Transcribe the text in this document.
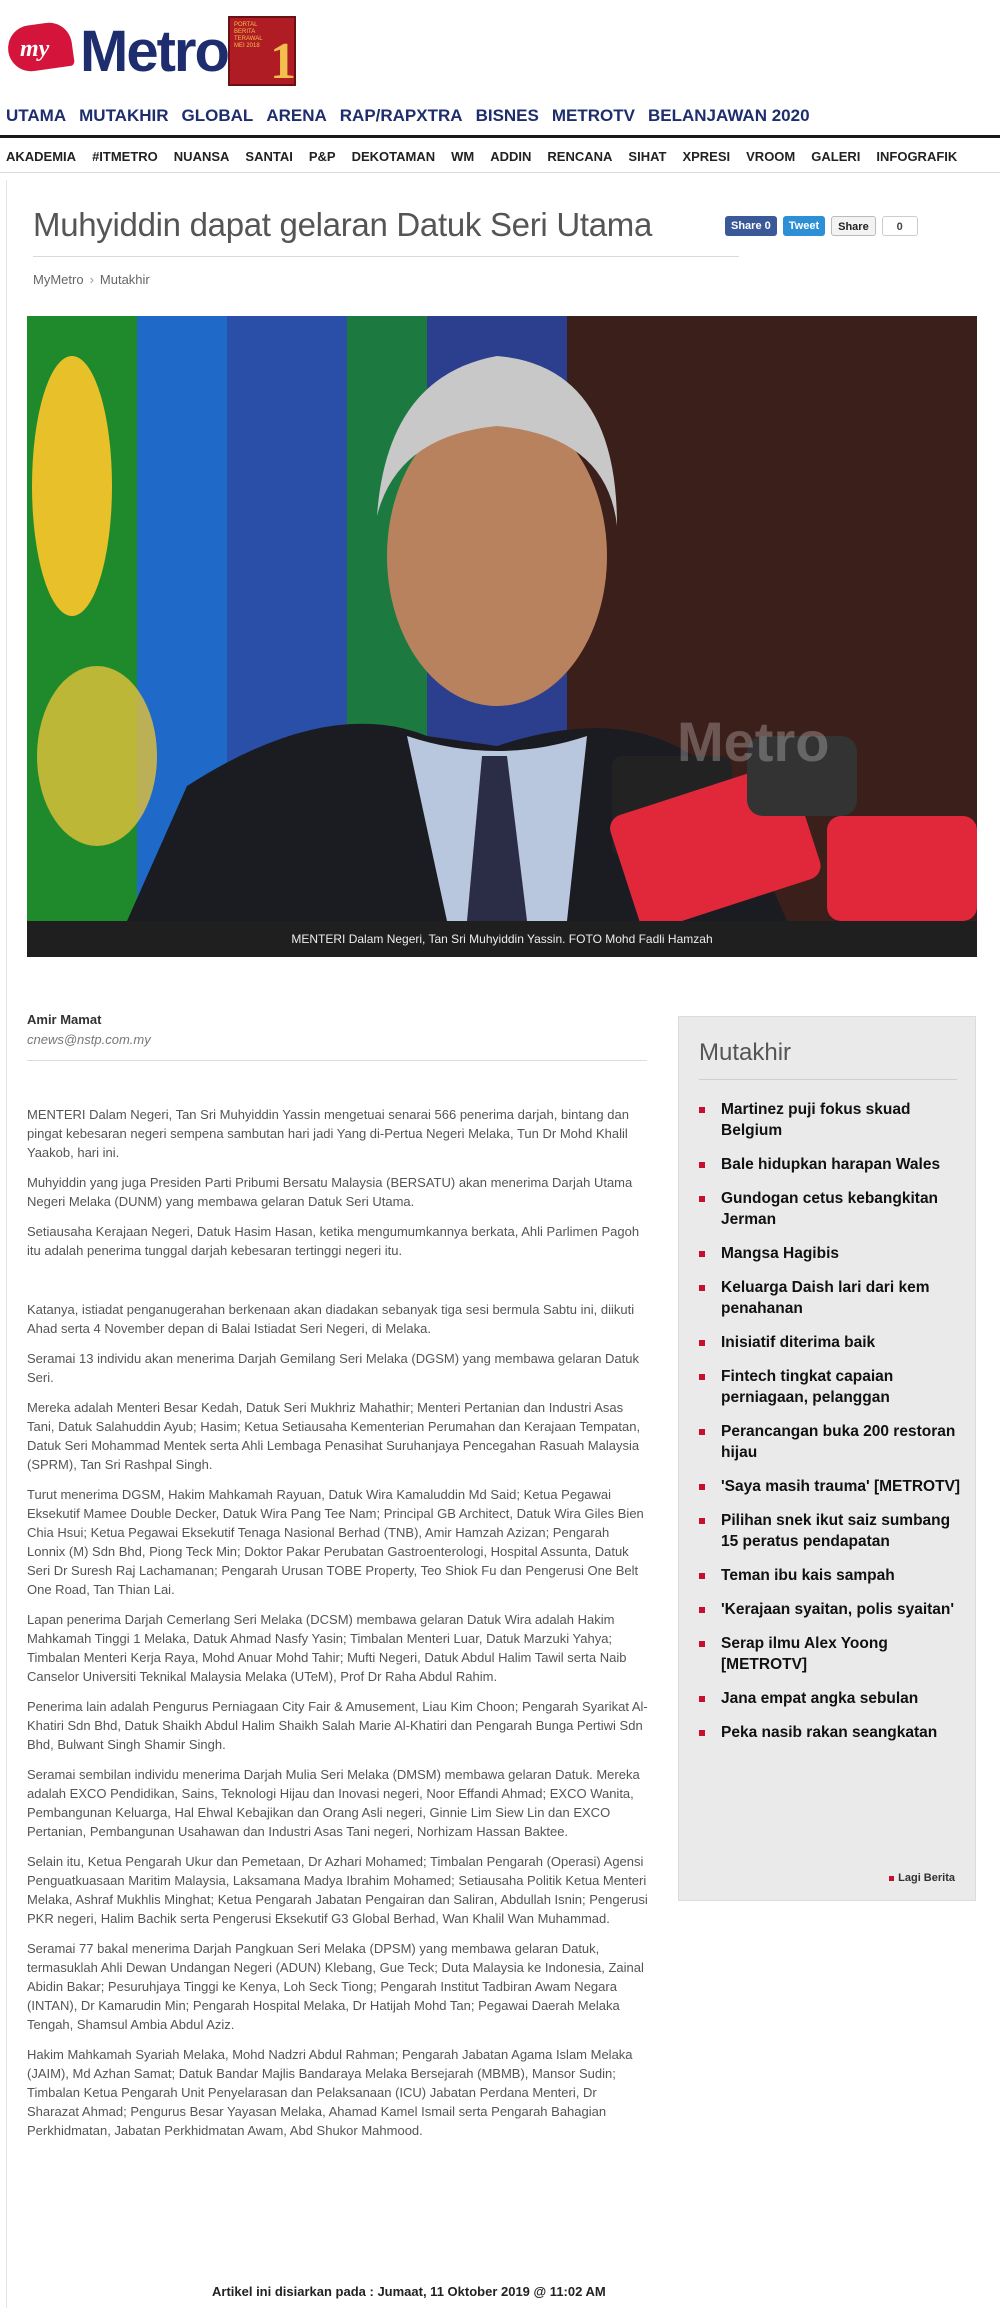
my Metro PORTAL BERITA TERAWAL MEI 2018 1
UTAMA MUTAKHIR GLOBAL ARENA RAP/RAPXTRA BISNES METROTV BELANJAWAN 2020
AKADEMIA #ITMETRO NUANSA SANTAI P&P DEKOTAMAN WM ADDIN RENCANA SIHAT XPRESI VROOM GALERI INFOGRAFIK
Muhyiddin dapat gelaran Datuk Seri Utama	Share 0	Tweet	Share	0
MyMetro › Mutakhir
Metro
MENTERI Dalam Negeri, Tan Sri Muhyiddin Yassin. FOTO Mohd Fadli Hamzah
Amir Mamat
cnews@nstp.com.my

MENTERI Dalam Negeri, Tan Sri Muhyiddin Yassin mengetuai senarai 566 penerima darjah, bintang dan pingat kebesaran negeri sempena sambutan hari jadi Yang di-Pertua Negeri Melaka, Tun Dr Mohd Khalil Yaakob, hari ini.

Muhyiddin yang juga Presiden Parti Pribumi Bersatu Malaysia (BERSATU) akan menerima Darjah Utama Negeri Melaka (DUNM) yang membawa gelaran Datuk Seri Utama.

Setiausaha Kerajaan Negeri, Datuk Hasim Hasan, ketika mengumumkannya berkata, Ahli Parlimen Pagoh itu adalah penerima tunggal darjah kebesaran tertinggi negeri itu.

Katanya, istiadat penganugerahan berkenaan akan diadakan sebanyak tiga sesi bermula Sabtu ini, diikuti Ahad serta 4 November depan di Balai Istiadat Seri Negeri, di Melaka.

Seramai 13 individu akan menerima Darjah Gemilang Seri Melaka (DGSM) yang membawa gelaran Datuk Seri.

Mereka adalah Menteri Besar Kedah, Datuk Seri Mukhriz Mahathir; Menteri Pertanian dan Industri Asas Tani, Datuk Salahuddin Ayub; Hasim; Ketua Setiausaha Kementerian Perumahan dan Kerajaan Tempatan, Datuk Seri Mohammad Mentek serta Ahli Lembaga Penasihat Suruhanjaya Pencegahan Rasuah Malaysia (SPRM), Tan Sri Rashpal Singh.

Turut menerima DGSM, Hakim Mahkamah Rayuan, Datuk Wira Kamaluddin Md Said; Ketua Pegawai Eksekutif Mamee Double Decker, Datuk Wira Pang Tee Nam; Principal GB Architect, Datuk Wira Giles Bien Chia Hsui; Ketua Pegawai Eksekutif Tenaga Nasional Berhad (TNB), Amir Hamzah Azizan; Pengarah Lonnix (M) Sdn Bhd, Piong Teck Min; Doktor Pakar Perubatan Gastroenterologi, Hospital Assunta, Datuk Seri Dr Suresh Raj Lachamanan; Pengarah Urusan TOBE Property, Teo Shiok Fu dan Pengerusi One Belt One Road, Tan Thian Lai.

Lapan penerima Darjah Cemerlang Seri Melaka (DCSM) membawa gelaran Datuk Wira adalah Hakim Mahkamah Tinggi 1 Melaka, Datuk Ahmad Nasfy Yasin; Timbalan Menteri Luar, Datuk Marzuki Yahya; Timbalan Menteri Kerja Raya, Mohd Anuar Mohd Tahir; Mufti Negeri, Datuk Abdul Halim Tawil serta Naib Canselor Universiti Teknikal Malaysia Melaka (UTeM), Prof Dr Raha Abdul Rahim.

Penerima lain adalah Pengurus Perniagaan City Fair & Amusement, Liau Kim Choon; Pengarah Syarikat Al-Khatiri Sdn Bhd, Datuk Shaikh Abdul Halim Shaikh Salah Marie Al-Khatiri dan Pengarah Bunga Pertiwi Sdn Bhd, Bulwant Singh Shamir Singh.

Seramai sembilan individu menerima Darjah Mulia Seri Melaka (DMSM) membawa gelaran Datuk. Mereka adalah EXCO Pendidikan, Sains, Teknologi Hijau dan Inovasi negeri, Noor Effandi Ahmad; EXCO Wanita, Pembangunan Keluarga, Hal Ehwal Kebajikan dan Orang Asli negeri, Ginnie Lim Siew Lin dan EXCO Pertanian, Pembangunan Usahawan dan Industri Asas Tani negeri, Norhizam Hassan Baktee.

Selain itu, Ketua Pengarah Ukur dan Pemetaan, Dr Azhari Mohamed; Timbalan Pengarah (Operasi) Agensi Penguatkuasaan Maritim Malaysia, Laksamana Madya Ibrahim Mohamed; Setiausaha Politik Ketua Menteri Melaka, Ashraf Mukhlis Minghat; Ketua Pengarah Jabatan Pengairan dan Saliran, Abdullah Isnin; Pengerusi PKR negeri, Halim Bachik serta Pengerusi Eksekutif G3 Global Berhad, Wan Khalil Wan Muhammad.

Seramai 77 bakal menerima Darjah Pangkuan Seri Melaka (DPSM) yang membawa gelaran Datuk, termasuklah Ahli Dewan Undangan Negeri (ADUN) Klebang, Gue Teck; Duta Malaysia ke Indonesia, Zainal Abidin Bakar; Pesuruhjaya Tinggi ke Kenya, Loh Seck Tiong; Pengarah Institut Tadbiran Awam Negara (INTAN), Dr Kamarudin Min; Pengarah Hospital Melaka, Dr Hatijah Mohd Tan; Pegawai Daerah Melaka Tengah, Shamsul Ambia Abdul Aziz.

Hakim Mahkamah Syariah Melaka, Mohd Nadzri Abdul Rahman; Pengarah Jabatan Agama Islam Melaka (JAIM), Md Azhan Samat; Datuk Bandar Majlis Bandaraya Melaka Bersejarah (MBMB), Mansor Sudin; Timbalan Ketua Pengarah Unit Penyelarasan dan Pelaksanaan (ICU) Jabatan Perdana Menteri, Dr Sharazat Ahmad; Pengurus Besar Yayasan Melaka, Ahamad Kamel Ismail serta Pengarah Bahagian Perkhidmatan, Jabatan Perkhidmatan Awam, Abd Shukor Mahmood.

Artikel ini disiarkan pada : Jumaat, 11 Oktober 2019 @ 11:02 AM
Mutakhir
Martinez puji fokus skuad Belgium
Bale hidupkan harapan Wales
Gundogan cetus kebangkitan Jerman
Mangsa Hagibis
Keluarga Daish lari dari kem penahanan
Inisiatif diterima baik
Fintech tingkat capaian perniagaan, pelanggan
Perancangan buka 200 restoran hijau
'Saya masih trauma' [METROTV]
Pilihan snek ikut saiz sumbang 15 peratus pendapatan
Teman ibu kais sampah
'Kerajaan syaitan, polis syaitan'
Serap ilmu Alex Yoong [METROTV]
Jana empat angka sebulan
Peka nasib rakan seangkatan
Lagi Berita
